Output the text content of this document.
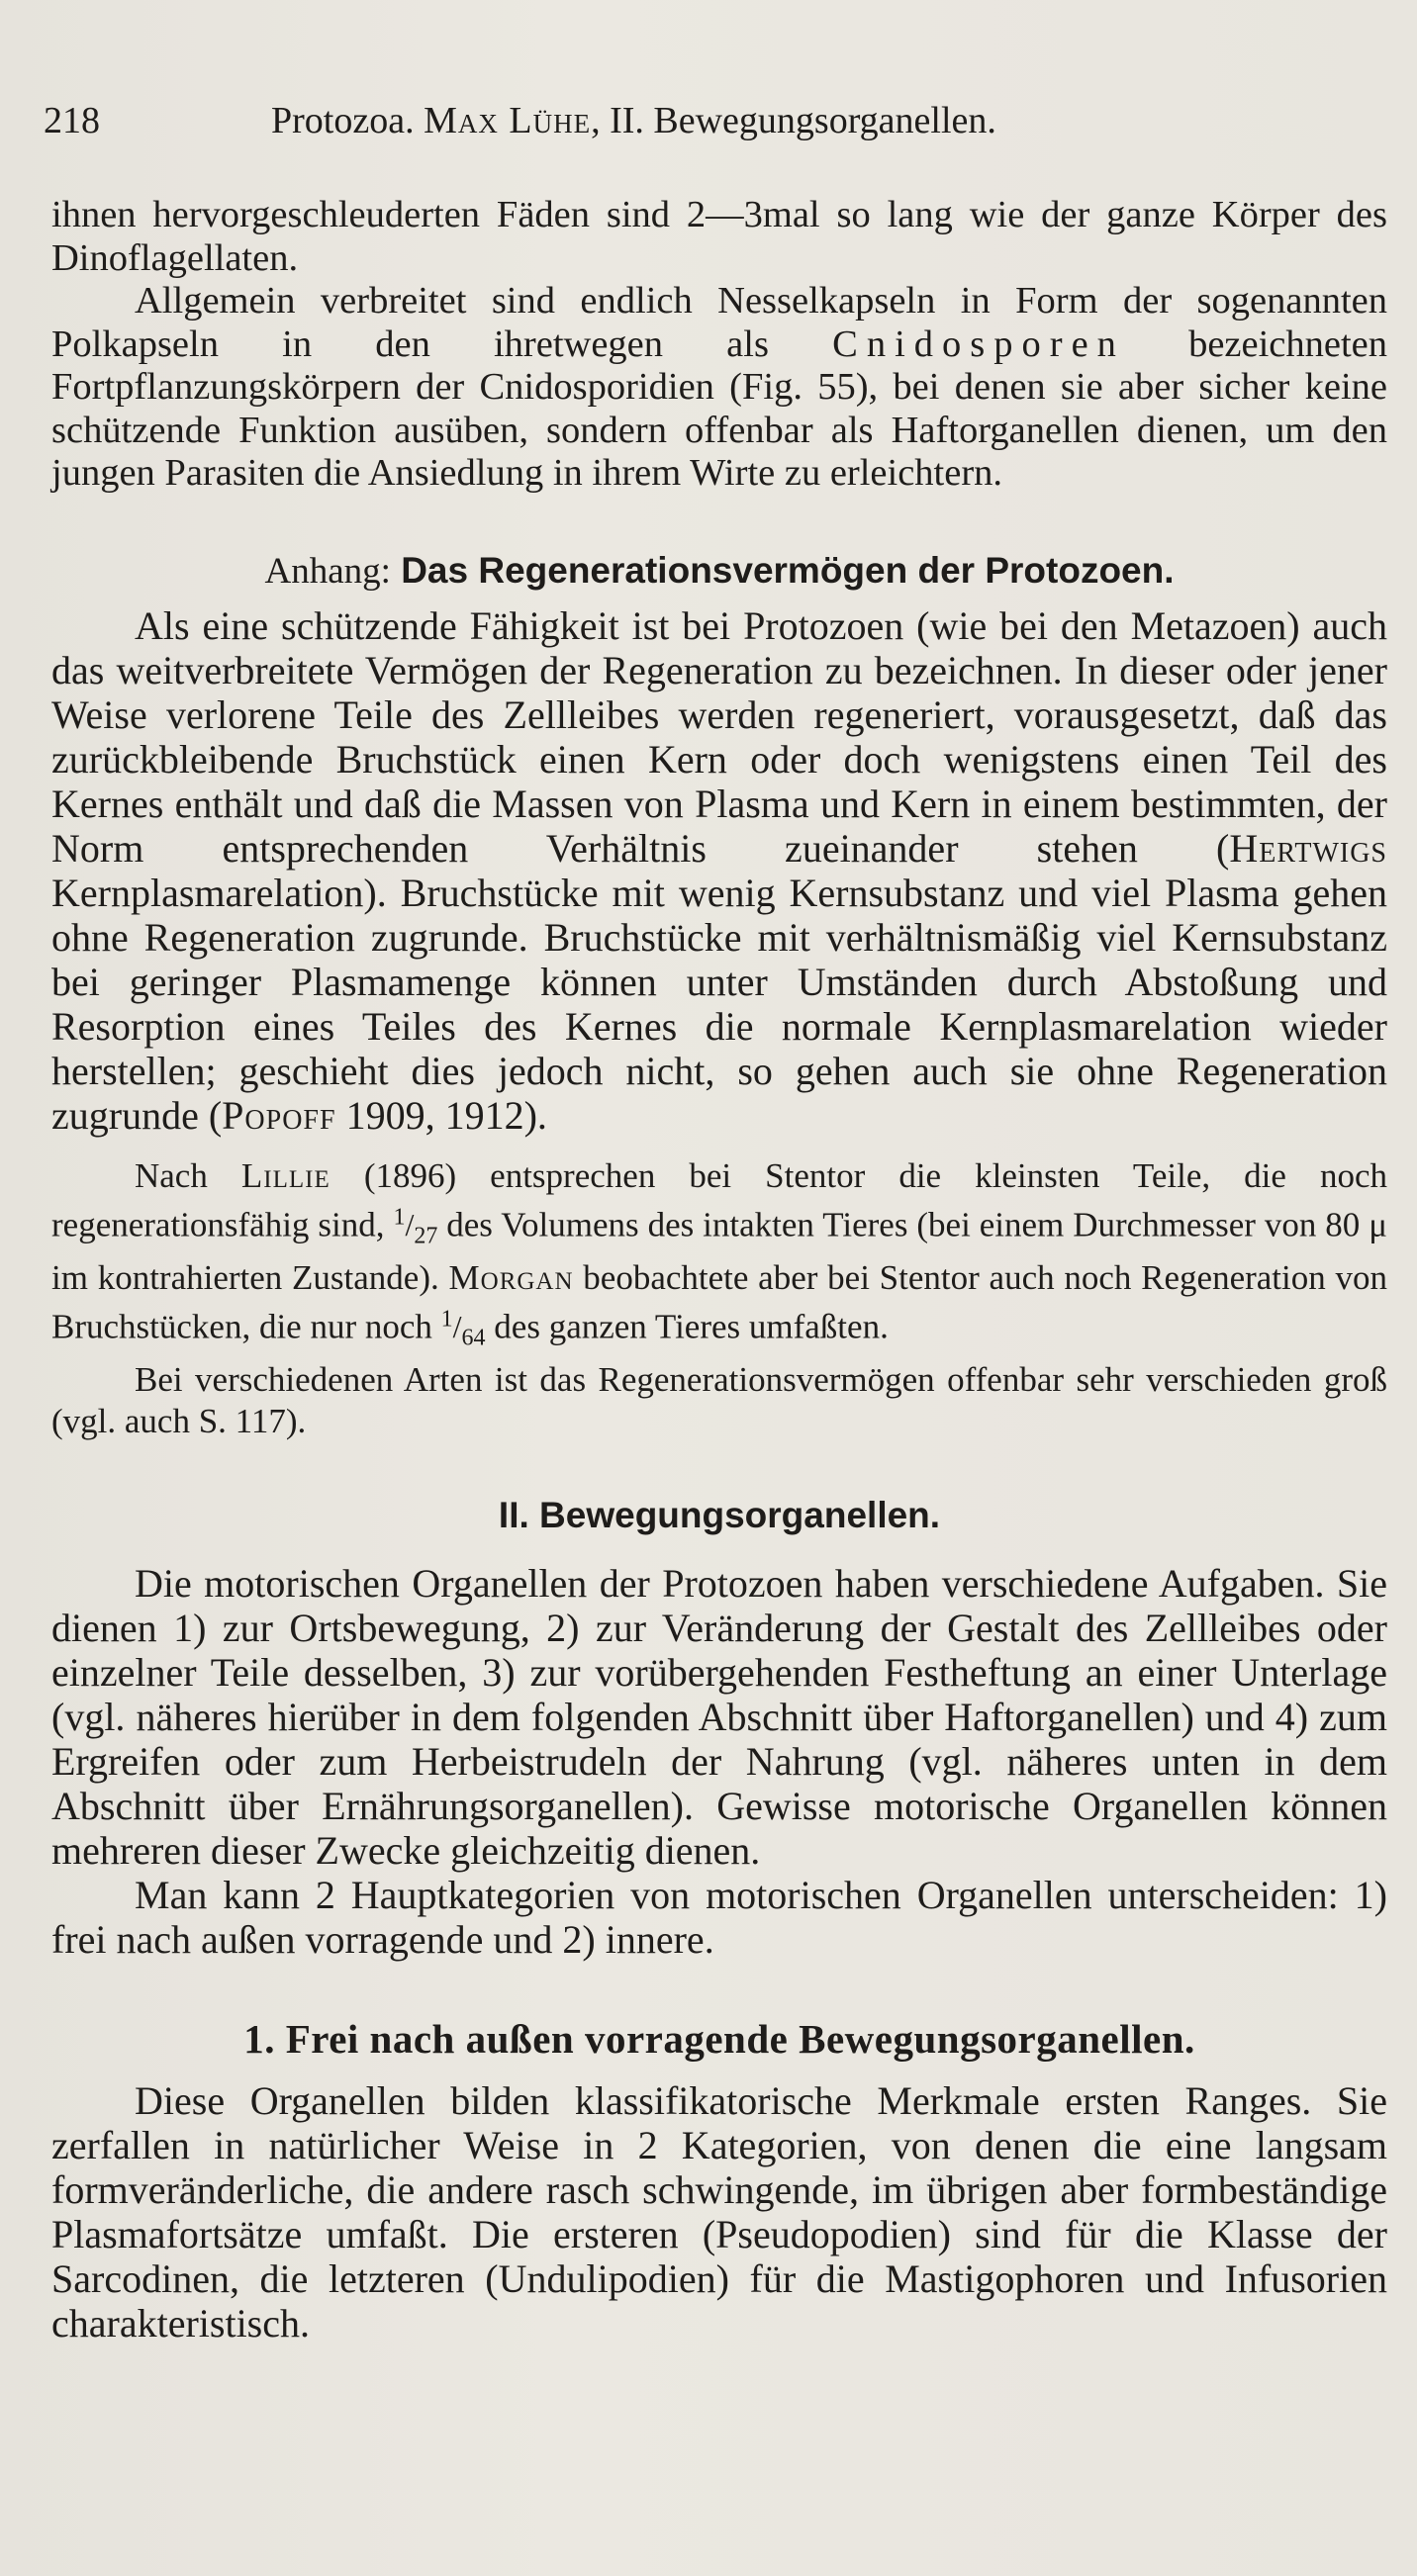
218	Protozoa. Max Lühe, II. Bewegungsorganellen.

ihnen hervorgeschleuderten Fäden sind 2—3mal so lang wie der ganze Körper des Dinoflagellaten.

Allgemein verbreitet sind endlich Nesselkapseln in Form der sogenannten Polkapseln in den ihretwegen als Cnidosporen bezeichneten Fortpflanzungskörpern der Cnidosporidien (Fig. 55), bei denen sie aber sicher keine schützende Funktion ausüben, sondern offenbar als Haftorganellen dienen, um den jungen Parasiten die Ansiedlung in ihrem Wirte zu erleichtern.

Anhang: Das Regenerationsvermögen der Protozoen.

Als eine schützende Fähigkeit ist bei Protozoen (wie bei den Metazoen) auch das weitverbreitete Vermögen der Regeneration zu bezeichnen. In dieser oder jener Weise verlorene Teile des Zellleibes werden regeneriert, vorausgesetzt, daß das zurückbleibende Bruchstück einen Kern oder doch wenigstens einen Teil des Kernes enthält und daß die Massen von Plasma und Kern in einem bestimmten, der Norm entsprechenden Verhältnis zueinander stehen (Hertwigs Kernplasmarelation). Bruchstücke mit wenig Kernsubstanz und viel Plasma gehen ohne Regeneration zugrunde. Bruchstücke mit verhältnismäßig viel Kernsubstanz bei geringer Plasmamenge können unter Umständen durch Abstoßung und Resorption eines Teiles des Kernes die normale Kernplasmarelation wieder herstellen; geschieht dies jedoch nicht, so gehen auch sie ohne Regeneration zugrunde (Popoff 1909, 1912).

Nach Lillie (1896) entsprechen bei Stentor die kleinsten Teile, die noch regenerationsfähig sind, $^1/_{27}$ des Volumens des intakten Tieres (bei einem Durchmesser von 80 μ im kontrahierten Zustande). Morgan beobachtete aber bei Stentor auch noch Regeneration von Bruchstücken, die nur noch $^1/_{64}$ des ganzen Tieres umfaßten.

Bei verschiedenen Arten ist das Regenerationsvermögen offenbar sehr verschieden groß (vgl. auch S. 117).

II. Bewegungsorganellen.

Die motorischen Organellen der Protozoen haben verschiedene Aufgaben. Sie dienen 1) zur Ortsbewegung, 2) zur Veränderung der Gestalt des Zellleibes oder einzelner Teile desselben, 3) zur vorübergehenden Festheftung an einer Unterlage (vgl. näheres hierüber in dem folgenden Abschnitt über Haftorganellen) und 4) zum Ergreifen oder zum Herbeistrudeln der Nahrung (vgl. näheres unten in dem Abschnitt über Ernährungsorganellen). Gewisse motorische Organellen können mehreren dieser Zwecke gleichzeitig dienen.

Man kann 2 Hauptkategorien von motorischen Organellen unterscheiden: 1) frei nach außen vorragende und 2) innere.

1. Frei nach außen vorragende Bewegungsorganellen.

Diese Organellen bilden klassifikatorische Merkmale ersten Ranges. Sie zerfallen in natürlicher Weise in 2 Kategorien, von denen die eine langsam formveränderliche, die andere rasch schwingende, im übrigen aber formbeständige Plasmafortsätze umfaßt. Die ersteren (Pseudopodien) sind für die Klasse der Sarcodinen, die letzteren (Undulipodien) für die Mastigophoren und Infusorien charakteristisch.
